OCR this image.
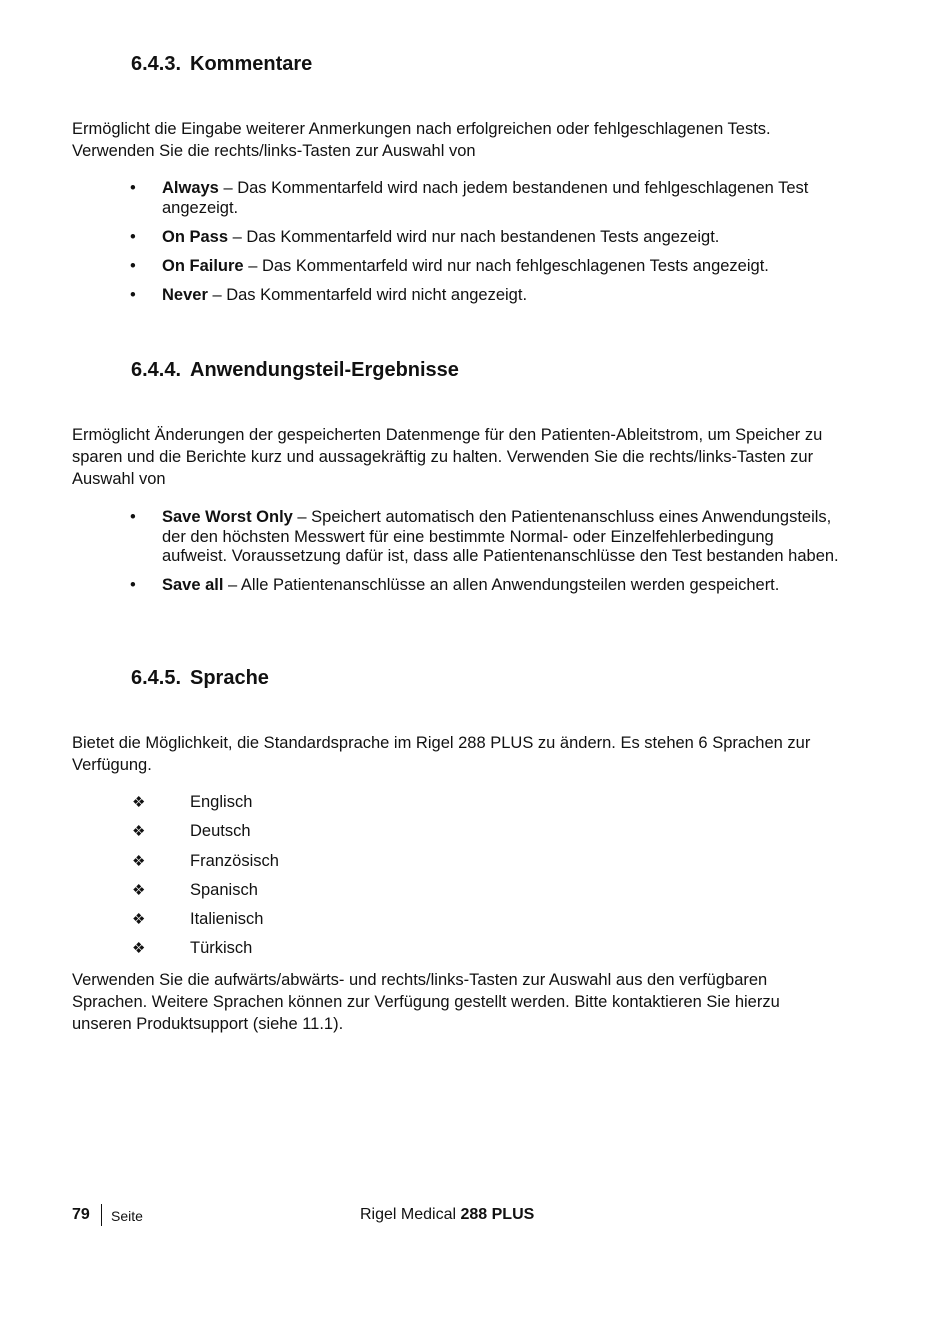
6.4.3. Kommentare

Ermöglicht die Eingabe weiterer Anmerkungen nach erfolgreichen oder fehlgeschlagenen Tests. Verwenden Sie die rechts/links-Tasten zur Auswahl von

• Always – Das Kommentarfeld wird nach jedem bestandenen und fehlgeschlagenen Test angezeigt.
• On Pass – Das Kommentarfeld wird nur nach bestandenen Tests angezeigt.
• On Failure – Das Kommentarfeld wird nur nach fehlgeschlagenen Tests angezeigt.
• Never – Das Kommentarfeld wird nicht angezeigt.
6.4.4. Anwendungsteil-Ergebnisse

Ermöglicht Änderungen der gespeicherten Datenmenge für den Patienten-Ableitstrom, um Speicher zu sparen und die Berichte kurz und aussagekräftig zu halten. Verwenden Sie die rechts/links-Tasten zur Auswahl von

• Save Worst Only – Speichert automatisch den Patientenanschluss eines Anwendungsteils, der den höchsten Messwert für eine bestimmte Normal- oder Einzelfehlerbedingung aufweist. Voraussetzung dafür ist, dass alle Patientenanschlüsse den Test bestanden haben.
• Save all – Alle Patientenanschlüsse an allen Anwendungsteilen werden gespeichert.
6.4.5. Sprache

Bietet die Möglichkeit, die Standardsprache im Rigel 288 PLUS zu ändern. Es stehen 6 Sprachen zur Verfügung.

❖	Englisch
❖	Deutsch
❖	Französisch
❖	Spanisch
❖	Italienisch
❖	Türkisch

Verwenden Sie die aufwärts/abwärts- und rechts/links-Tasten zur Auswahl aus den verfügbaren Sprachen. Weitere Sprachen können zur Verfügung gestellt werden. Bitte kontaktieren Sie hierzu unseren Produktsupport (siehe 11.1).

79 Seite	Rigel Medical 288 PLUS
